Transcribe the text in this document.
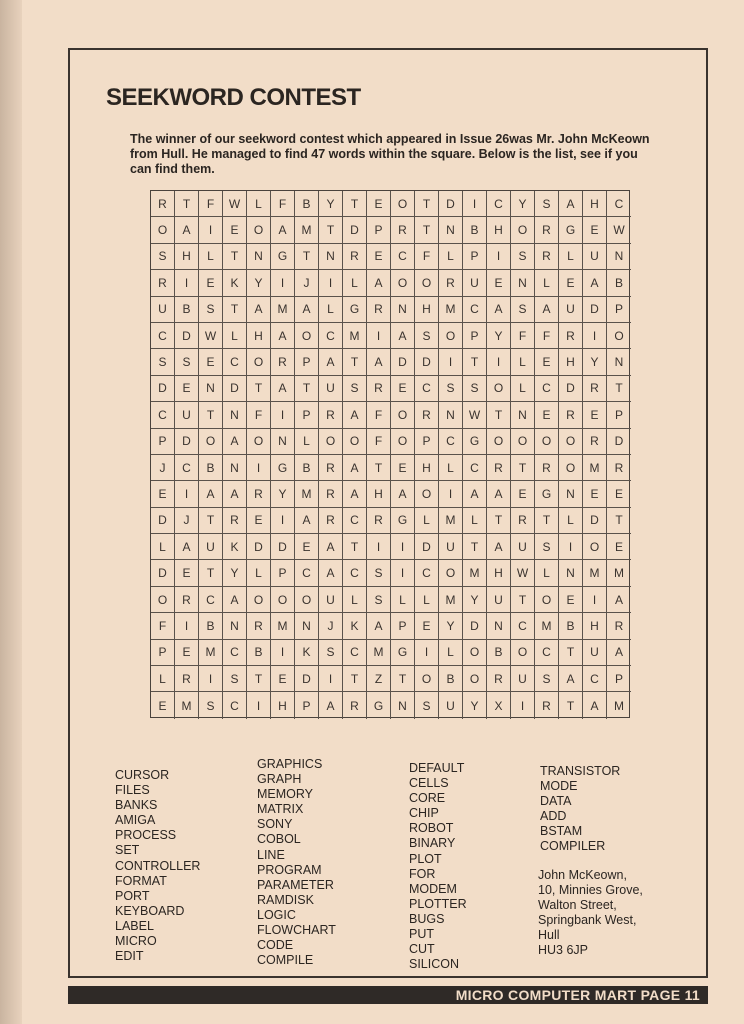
SEEKWORD CONTEST
The winner of our seekword contest which appeared in Issue 26was Mr. John McKeown from Hull. He managed to find 47 words within the square. Below is the list, see if you can find them.
R	T	F	W	L	F	B	Y	T	E	O	T	D	I	C	Y	S	A	H	C
O	A	I	E	O	A	M	T	D	P	R	T	N	B	H	O	R	G	E	W
S	H	L	T	N	G	T	N	R	E	C	F	L	P	I	S	R	L	U	N
R	I	E	K	Y	I	J	I	L	A	O	O	R	U	E	N	L	E	A	B
U	B	S	T	A	M	A	L	G	R	N	H	M	C	A	S	A	U	D	P
C	D	W	L	H	A	O	C	M	I	A	S	O	P	Y	F	F	R	I	O
S	S	E	C	O	R	P	A	T	A	D	D	I	T	I	L	E	H	Y	N
D	E	N	D	T	A	T	U	S	R	E	C	S	S	O	L	C	D	R	T
C	U	T	N	F	I	P	R	A	F	O	R	N	W	T	N	E	R	E	P
P	D	O	A	O	N	L	O	O	F	O	P	C	G	O	O	O	O	R	D
J	C	B	N	I	G	B	R	A	T	E	H	L	C	R	T	R	O	M	R
E	I	A	A	R	Y	M	R	A	H	A	O	I	A	A	E	G	N	E	E
D	J	T	R	E	I	A	R	C	R	G	L	M	L	T	R	T	L	D	T
L	A	U	K	D	D	E	A	T	I	I	D	U	T	A	U	S	I	O	E
D	E	T	Y	L	P	C	A	C	S	I	C	O	M	H	W	L	N	M	M
O	R	C	A	O	O	O	U	L	S	L	L	M	Y	U	T	O	E	I	A
F	I	B	N	R	M	N	J	K	A	P	E	Y	D	N	C	M	B	H	R
P	E	M	C	B	I	K	S	C	M	G	I	L	O	B	O	C	T	U	A
L	R	I	S	T	E	D	I	T	Z	T	O	B	O	R	U	S	A	C	P
E	M	S	C	I	H	P	A	R	G	N	S	U	Y	X	I	R	T	A	M
CURSOR
FILES
BANKS
AMIGA
PROCESS
SET
CONTROLLER
FORMAT
PORT
KEYBOARD
LABEL
MICRO
EDIT
GRAPHICS
GRAPH
MEMORY
MATRIX
SONY
COBOL
LINE
PROGRAM
PARAMETER
RAMDISK
LOGIC
FLOWCHART
CODE
COMPILE
DEFAULT
CELLS
CORE
CHIP
ROBOT
BINARY
PLOT
FOR
MODEM
PLOTTER
BUGS
PUT
CUT
SILICON
TRANSISTOR
MODE
DATA
ADD
BSTAM
COMPILER
John McKeown,
10, Minnies Grove,
Walton Street,
Springbank West,
Hull
HU3 6JP
MICRO COMPUTER MART PAGE 11
